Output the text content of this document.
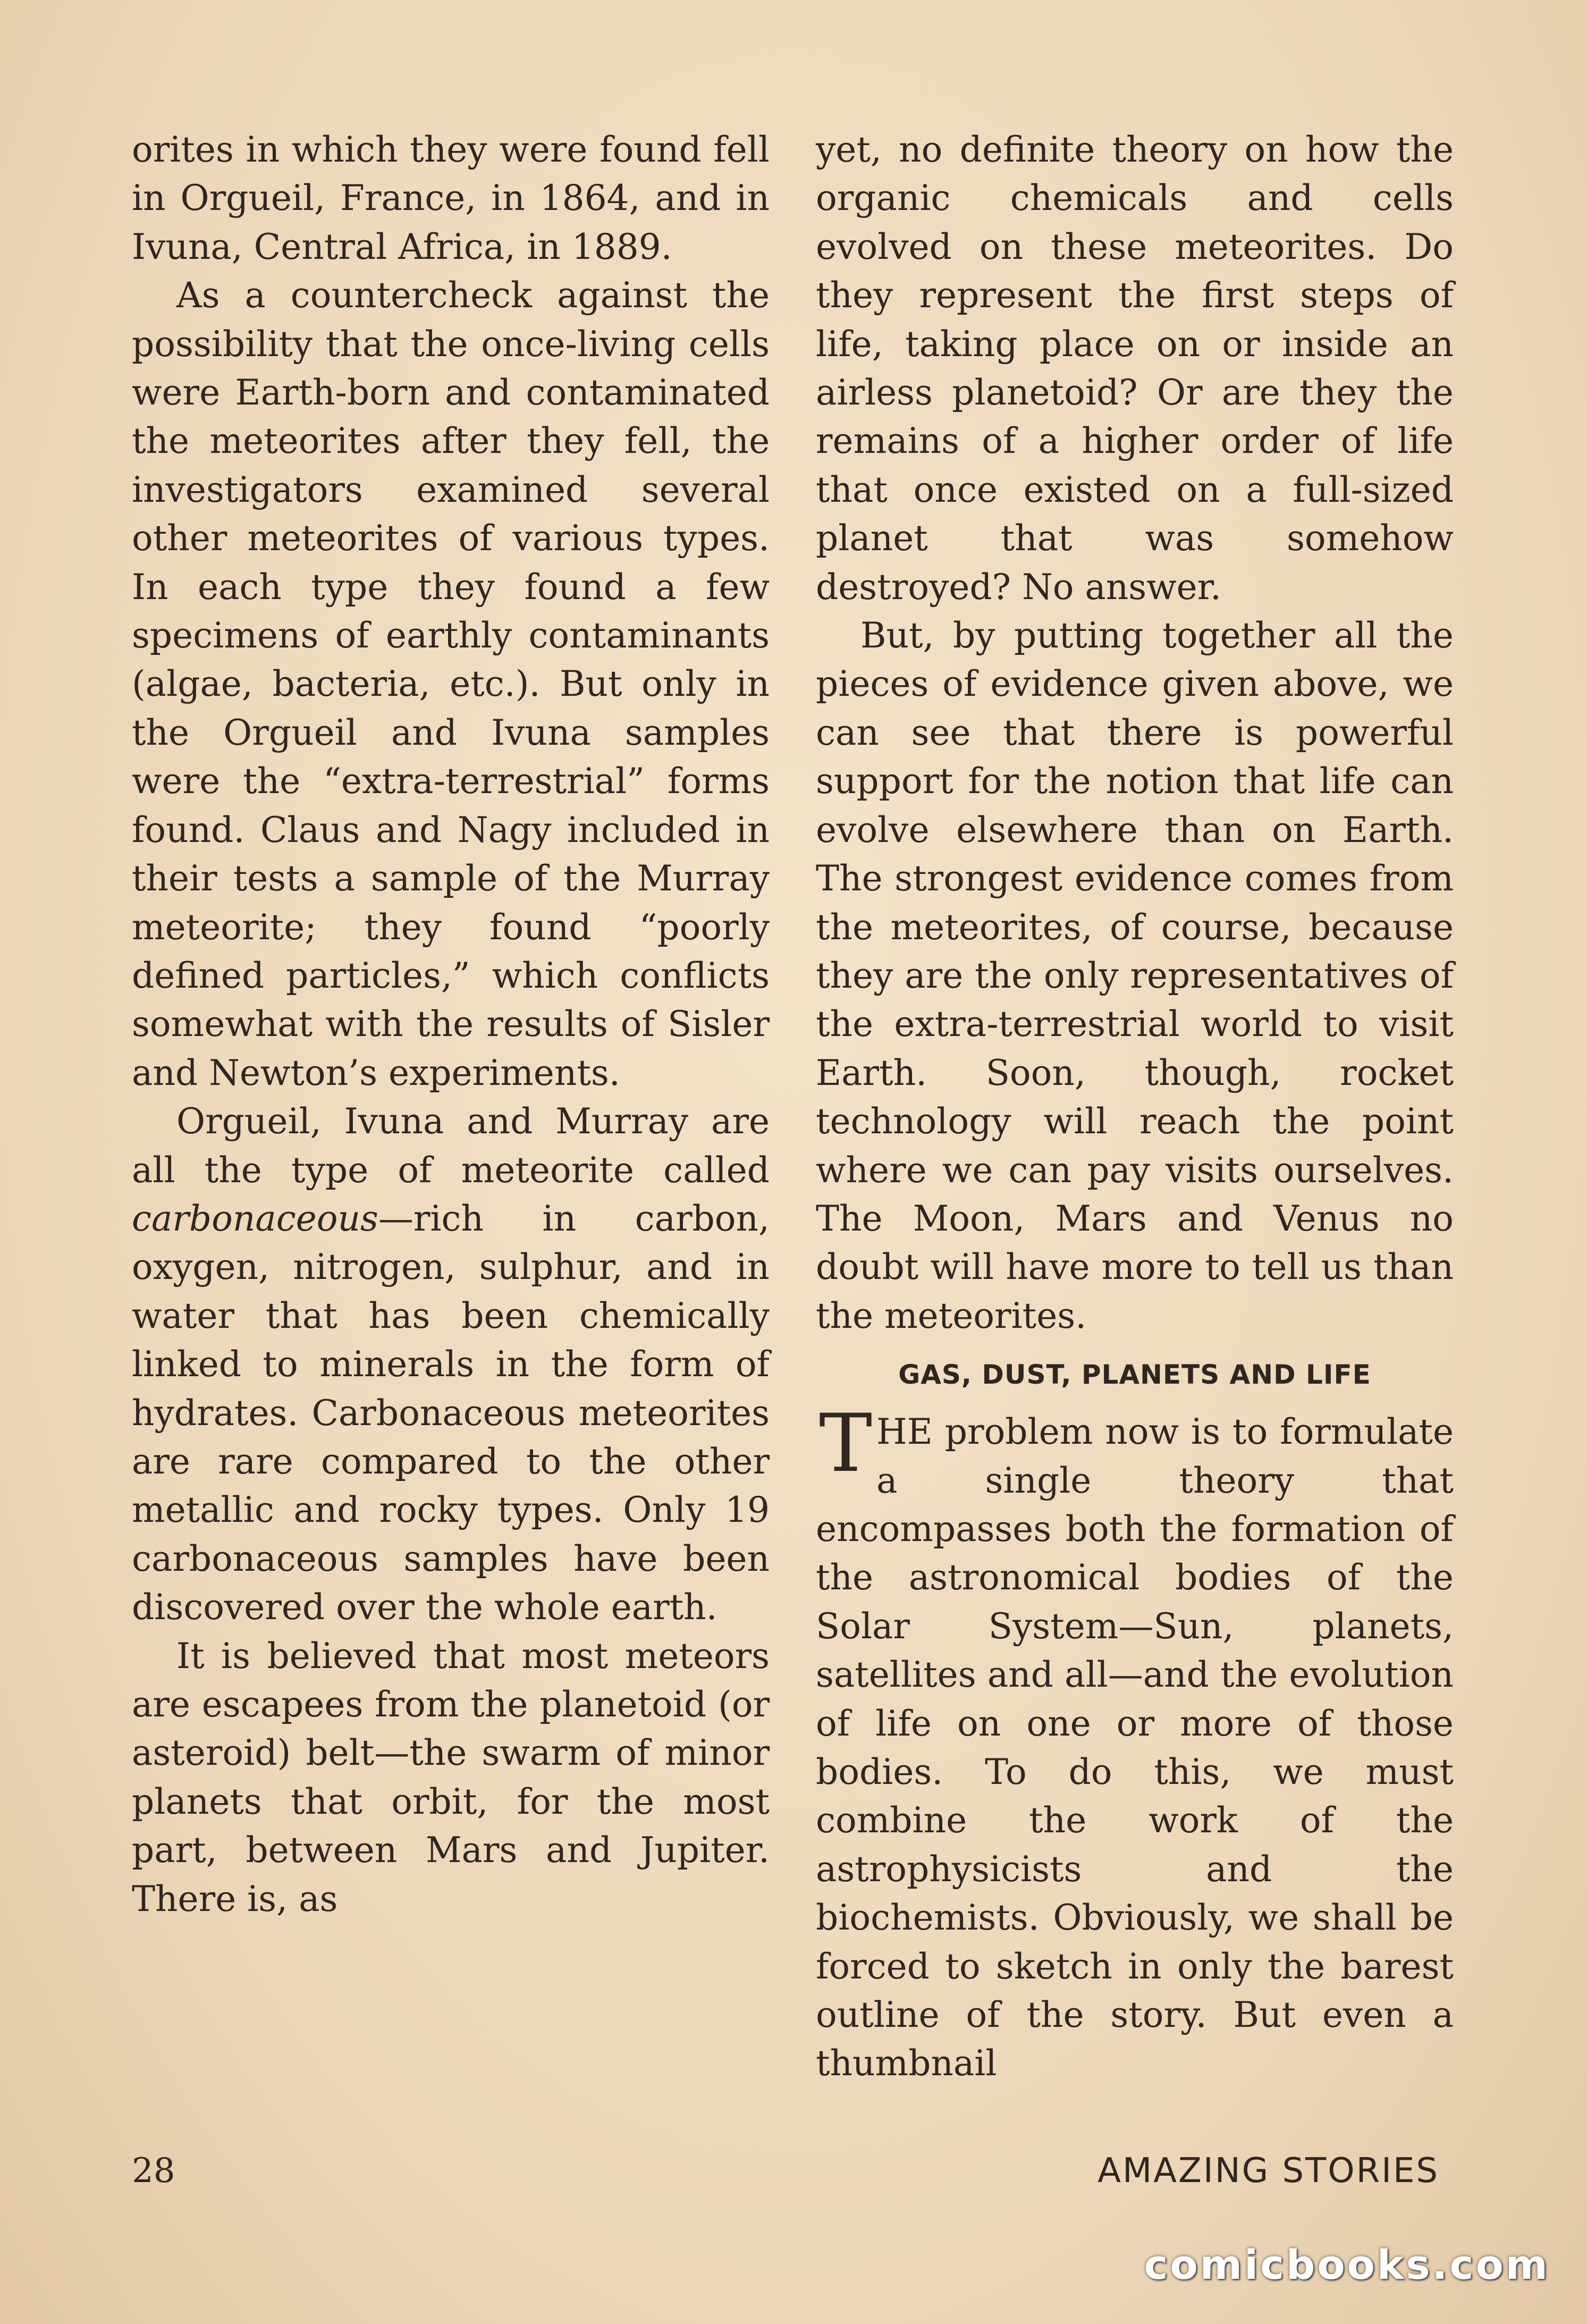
orites in which they were found fell in Orgueil, France, in 1864, and in Ivuna, Central Africa, in 1889.

As a countercheck against the possibility that the once-living cells were Earth-born and contaminated the meteorites after they fell, the investigators examined several other meteorites of various types. In each type they found a few specimens of earthly contaminants (algae, bacteria, etc.). But only in the Orgueil and Ivuna samples were the “extra-terrestrial” forms found. Claus and Nagy included in their tests a sample of the Murray meteorite; they found “poorly defined particles,” which conflicts somewhat with the results of Sisler and Newton’s experiments.

Orgueil, Ivuna and Murray are all the type of meteorite called carbonaceous—rich in carbon, oxygen, nitrogen, sulphur, and in water that has been chemically linked to minerals in the form of hydrates. Carbonaceous meteorites are rare compared to the other metallic and rocky types. Only 19 carbonaceous samples have been discovered over the whole earth.

It is believed that most meteors are escapees from the planetoid (or asteroid) belt—the swarm of minor planets that orbit, for the most part, between Mars and Jupiter. There is, as

yet, no definite theory on how the organic chemicals and cells evolved on these meteorites. Do they represent the first steps of life, taking place on or inside an airless planetoid? Or are they the remains of a higher order of life that once existed on a full-sized planet that was somehow destroyed? No answer.

But, by putting together all the pieces of evidence given above, we can see that there is powerful support for the notion that life can evolve elsewhere than on Earth. The strongest evidence comes from the meteorites, of course, because they are the only representatives of the extra-terrestrial world to visit Earth. Soon, though, rocket technology will reach the point where we can pay visits ourselves. The Moon, Mars and Venus no doubt will have more to tell us than the meteorites.

GAS, DUST, PLANETS AND LIFE

THE problem now is to formulate a single theory that encompasses both the formation of the astronomical bodies of the Solar System—Sun, planets, satellites and all—and the evolution of life on one or more of those bodies. To do this, we must combine the work of the astrophysicists and the biochemists. Obviously, we shall be forced to sketch in only the barest outline of the story. But even a thumbnail

28	AMAZING STORIES
comicbooks.com
